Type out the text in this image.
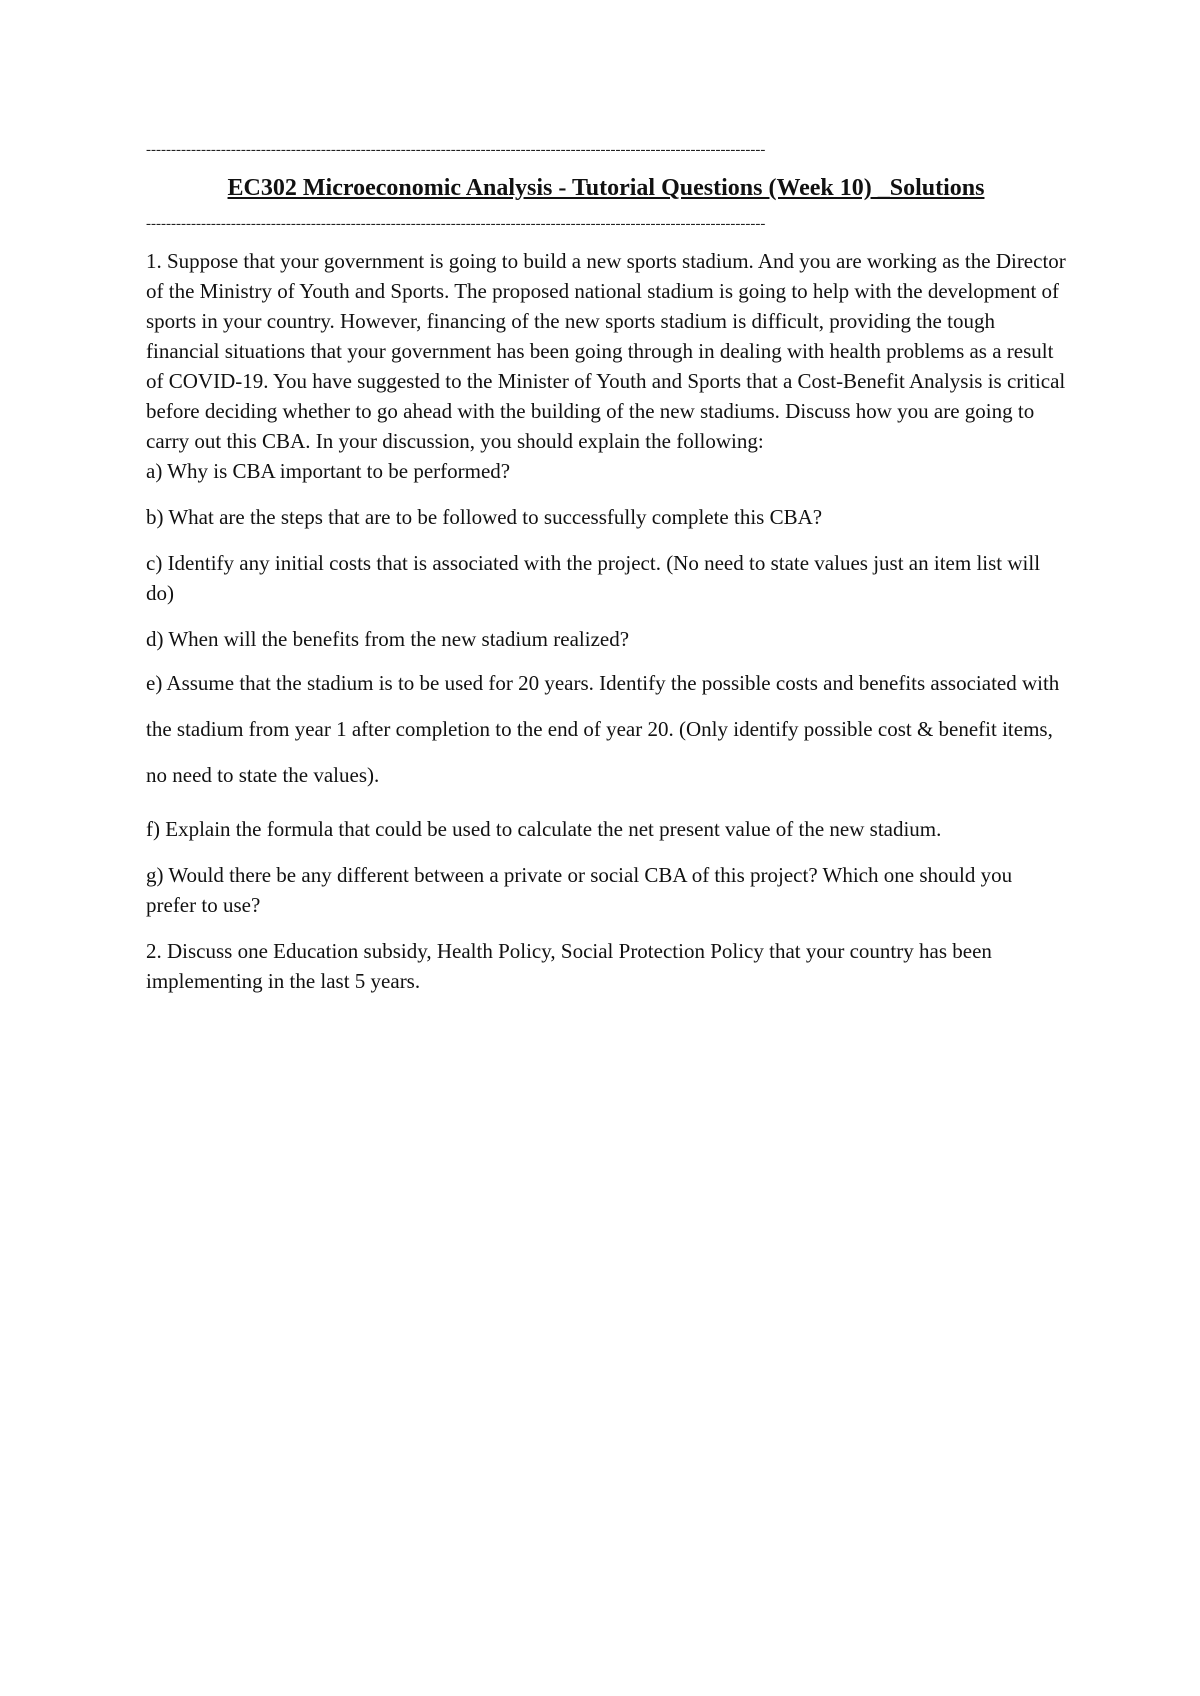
----------------------------------------------------------------------------------------------------------------------------
EC302 Microeconomic Analysis - Tutorial Questions (Week 10) _Solutions
----------------------------------------------------------------------------------------------------------------------------

1. Suppose that your government is going to build a new sports stadium. And you are working as the Director of the Ministry of Youth and Sports. The proposed national stadium is going to help with the development of sports in your country. However, financing of the new sports stadium is difficult, providing the tough financial situations that your government has been going through in dealing with health problems as a result of COVID-19. You have suggested to the Minister of Youth and Sports that a Cost-Benefit Analysis is critical before deciding whether to go ahead with the building of the new stadiums. Discuss how you are going to carry out this CBA. In your discussion, you should explain the following:

a) Why is CBA important to be performed?

b) What are the steps that are to be followed to successfully complete this CBA?

c) Identify any initial costs that is associated with the project. (No need to state values just an item list will do)

d) When will the benefits from the new stadium realized?

e) Assume that the stadium is to be used for 20 years. Identify the possible costs and benefits associated with the stadium from year 1 after completion to the end of year 20. (Only identify possible cost & benefit items, no need to state the values).

f) Explain the formula that could be used to calculate the net present value of the new stadium.

g) Would there be any different between a private or social CBA of this project? Which one should you prefer to use?

2. Discuss one Education subsidy, Health Policy, Social Protection Policy that your country has been implementing in the last 5 years.
